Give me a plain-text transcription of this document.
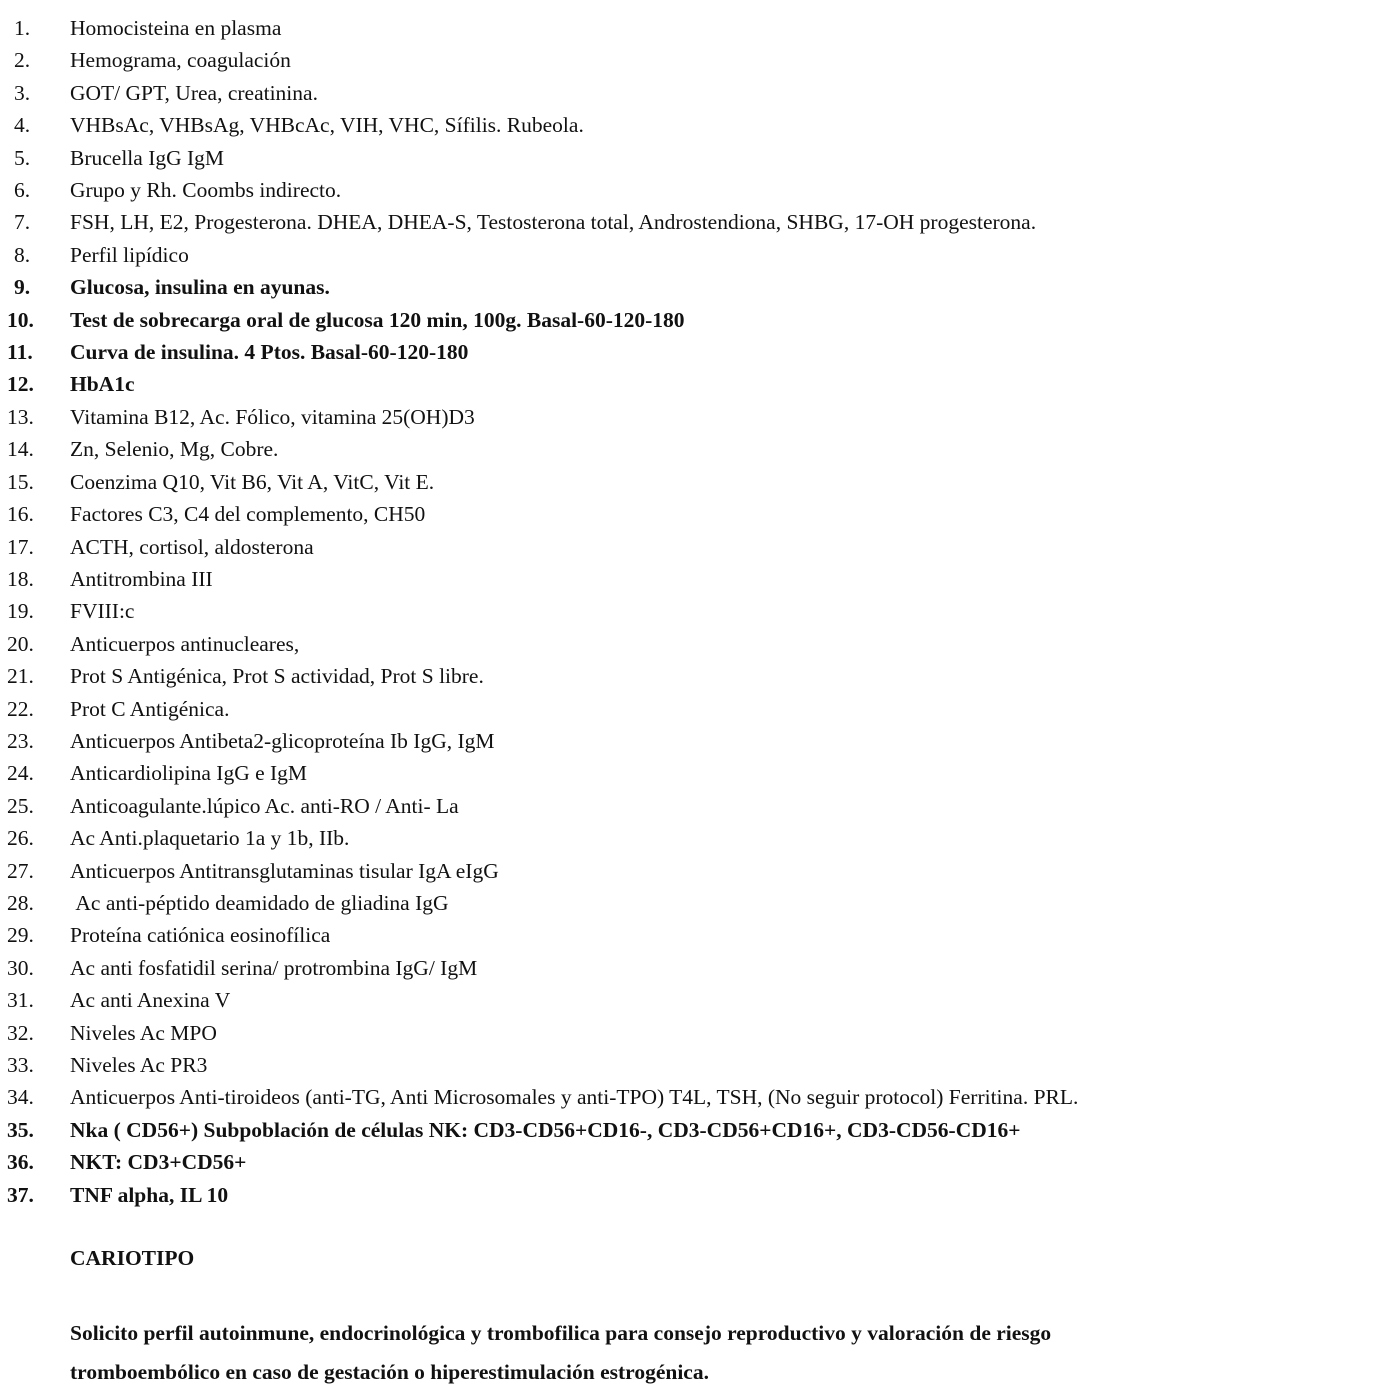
1.	Homocisteina en plasma
2.	Hemograma, coagulación
3.	GOT/ GPT, Urea, creatinina.
4.	VHBsAc, VHBsAg, VHBcAc, VIH, VHC, Sífilis. Rubeola.
5.	Brucella IgG IgM
6.	Grupo y Rh. Coombs indirecto.
7.	FSH, LH, E2, Progesterona. DHEA, DHEA-S, Testosterona total, Androstendiona, SHBG, 17-OH progesterona.
8.	Perfil lipídico
9.	Glucosa, insulina en ayunas.
10.	Test de sobrecarga oral de glucosa 120 min, 100g. Basal-60-120-180
11.	Curva de insulina. 4 Ptos. Basal-60-120-180
12.	HbA1c
13.	Vitamina B12, Ac. Fólico, vitamina 25(OH)D3
14.	Zn, Selenio, Mg, Cobre.
15.	Coenzima Q10, Vit B6, Vit A, VitC, Vit E.
16.	Factores C3, C4 del complemento, CH50
17.	ACTH, cortisol, aldosterona
18.	Antitrombina III
19.	FVIII:c
20.	Anticuerpos antinucleares,
21.	Prot S Antigénica, Prot S actividad, Prot S libre.
22.	Prot C Antigénica.
23.	Anticuerpos Antibeta2-glicoproteína Ib IgG, IgM
24.	Anticardiolipina IgG e IgM
25.	Anticoagulante.lúpico Ac. anti-RO / Anti- La
26.	Ac Anti.plaquetario 1a y 1b, IIb.
27.	Anticuerpos Antitransglutaminas tisular IgA eIgG
28.	Ac anti-péptido deamidado de gliadina IgG
29.	Proteína catiónica eosinofílica
30.	Ac anti fosfatidil serina/ protrombina IgG/ IgM
31.	Ac anti Anexina V
32.	Niveles Ac MPO
33.	Niveles Ac PR3
34.	Anticuerpos Anti-tiroideos (anti-TG, Anti Microsomales y anti-TPO) T4L, TSH, (No seguir protocol) Ferritina. PRL.
35.	Nka ( CD56+) Subpoblación de células NK: CD3-CD56+CD16-, CD3-CD56+CD16+, CD3-CD56-CD16+
36.	NKT: CD3+CD56+
37.	TNF alpha, IL 10
CARIOTIPO
Solicito perfil autoinmune, endocrinológica y trombofilica para consejo reproductivo y valoración de riesgo
tromboembólico en caso de gestación o hiperestimulación estrogénica.
